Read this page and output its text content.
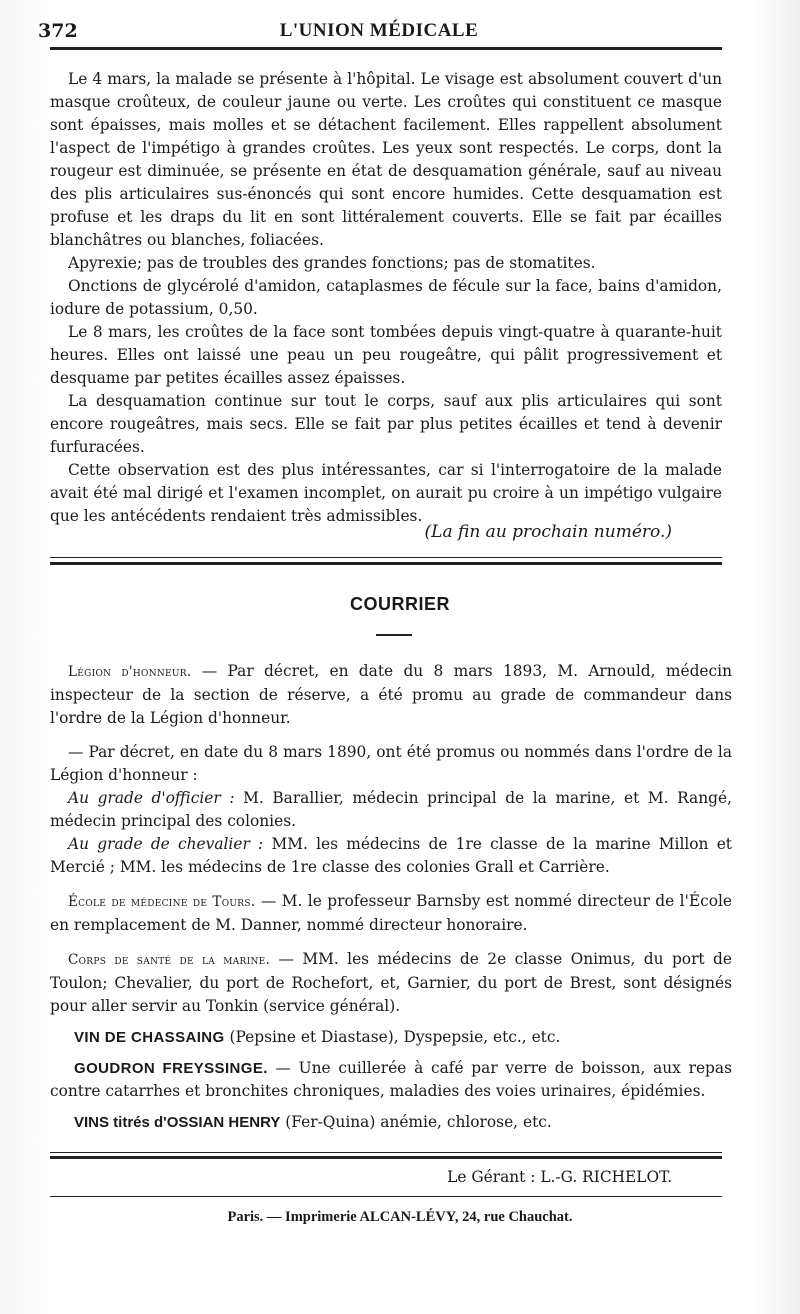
372	L'UNION MÉDICALE

Le 4 mars, la malade se présente à l'hôpital. Le visage est absolument couvert d'un masque croûteux, de couleur jaune ou verte. Les croûtes qui constituent ce masque sont épaisses, mais molles et se détachent facilement. Elles rappellent absolument l'aspect de l'impétigo à grandes croûtes. Les yeux sont respectés. Le corps, dont la rougeur est diminuée, se présente en état de desquamation générale, sauf au niveau des plis articulaires sus-énoncés qui sont encore humides. Cette desquamation est profuse et les draps du lit en sont littéralement couverts. Elle se fait par écailles blanchâtres ou blanches, foliacées.

Apyrexie; pas de troubles des grandes fonctions; pas de stomatites.

Onctions de glycérolé d'amidon, cataplasmes de fécule sur la face, bains d'amidon, iodure de potassium, 0,50.

Le 8 mars, les croûtes de la face sont tombées depuis vingt-quatre à quarante-huit heures. Elles ont laissé une peau un peu rougeâtre, qui pâlit progressivement et desquame par petites écailles assez épaisses.

La desquamation continue sur tout le corps, sauf aux plis articulaires qui sont encore rougeâtres, mais secs. Elle se fait par plus petites écailles et tend à devenir furfuracées.

Cette observation est des plus intéressantes, car si l'interrogatoire de la malade avait été mal dirigé et l'examen incomplet, on aurait pu croire à un impétigo vulgaire que les antécédents rendaient très admissibles.

(La fin au prochain numéro.)
COURRIER

Légion d'honneur. — Par décret, en date du 8 mars 1893, M. Arnould, médecin inspecteur de la section de réserve, a été promu au grade de commandeur dans l'ordre de la Légion d'honneur.

— Par décret, en date du 8 mars 1890, ont été promus ou nommés dans l'ordre de la Légion d'honneur :

Au grade d'officier : M. Barallier, médecin principal de la marine, et M. Rangé, médecin principal des colonies.

Au grade de chevalier : MM. les médecins de 1re classe de la marine Millon et Mercié ; MM. les médecins de 1re classe des colonies Grall et Carrière.

École de médecine de Tours. — M. le professeur Barnsby est nommé directeur de l'École en remplacement de M. Danner, nommé directeur honoraire.

Corps de santé de la marine. — MM. les médecins de 2e classe Onimus, du port de Toulon; Chevalier, du port de Rochefort, et, Garnier, du port de Brest, sont désignés pour aller servir au Tonkin (service général).

VIN DE CHASSAING (Pepsine et Diastase), Dyspepsie, etc., etc.

GOUDRON FREYSSINGE. — Une cuillerée à café par verre de boisson, aux repas contre catarrhes et bronchites chroniques, maladies des voies urinaires, épidémies.

VINS titrés d'OSSIAN HENRY (Fer-Quina) anémie, chlorose, etc.

Le Gérant : L.-G. RICHELOT.
Paris. — Imprimerie ALCAN-LÉVY, 24, rue Chauchat.
